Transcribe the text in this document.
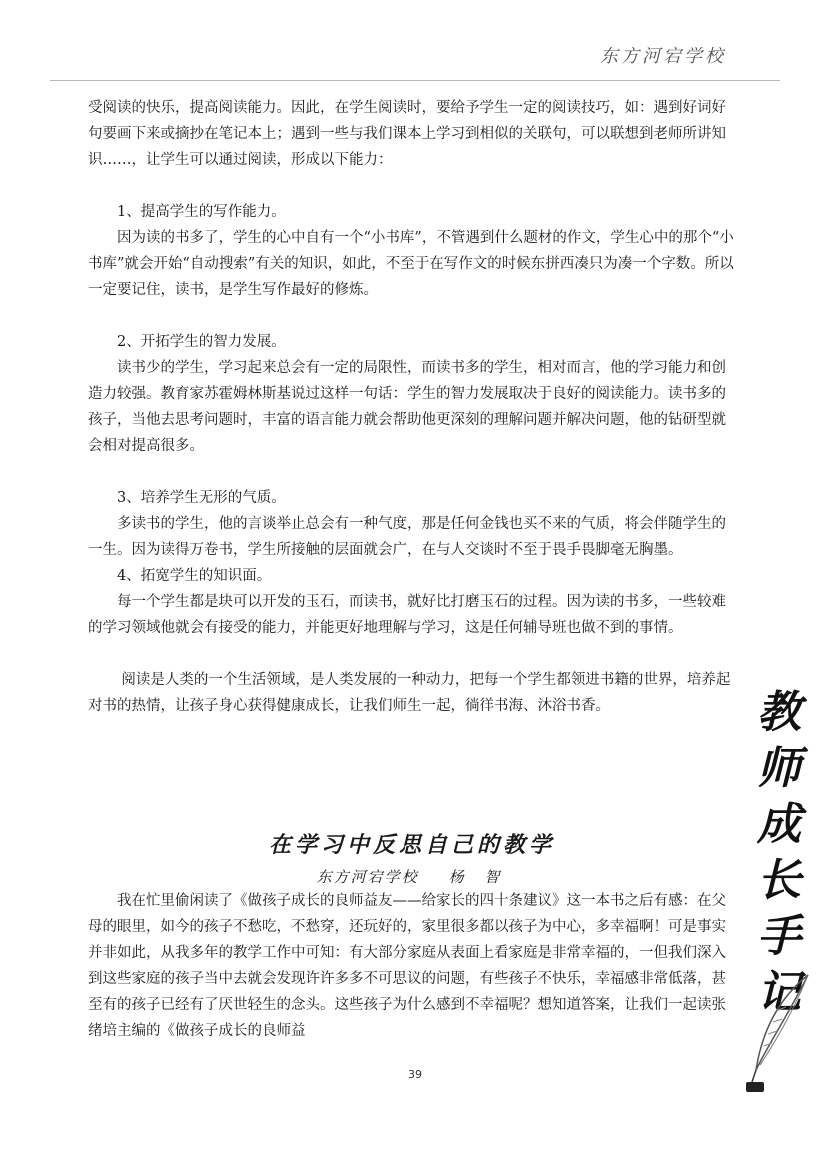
东方河宕学校

受阅读的快乐，提高阅读能力。因此，在学生阅读时，要给予学生一定的阅读技巧，如：遇到好词好句要画下来或摘抄在笔记本上；遇到一些与我们课本上学习到相似的关联句，可以联想到老师所讲知识……，让学生可以通过阅读，形成以下能力：

1、提高学生的写作能力。

因为读的书多了，学生的心中自有一个“小书库”，不管遇到什么题材的作文，学生心中的那个“小书库”就会开始“自动搜索”有关的知识，如此，不至于在写作文的时候东拼西凑只为凑一个字数。所以一定要记住，读书，是学生写作最好的修炼。

2、开拓学生的智力发展。

读书少的学生，学习起来总会有一定的局限性，而读书多的学生，相对而言，他的学习能力和创造力较强。教育家苏霍姆林斯基说过这样一句话：学生的智力发展取决于良好的阅读能力。读书多的孩子，当他去思考问题时，丰富的语言能力就会帮助他更深刻的理解问题并解决问题，他的钻研型就会相对提高很多。

3、培养学生无形的气质。

多读书的学生，他的言谈举止总会有一种气度，那是任何金钱也买不来的气质，将会伴随学生的一生。因为读得万卷书，学生所接触的层面就会广，在与人交谈时不至于畏手畏脚毫无胸墨。

4、拓宽学生的知识面。

每一个学生都是块可以开发的玉石，而读书，就好比打磨玉石的过程。因为读的书多，一些较难的学习领域他就会有接受的能力，并能更好地理解与学习，这是任何辅导班也做不到的事情。

阅读是人类的一个生活领域，是人类发展的一种动力，把每一个学生都领进书籍的世界，培养起对书的热情，让孩子身心获得健康成长，让我们师生一起，徜徉书海、沐浴书香。	教
师
成
长
手
记
在学习中反思自己的教学
东方河宕学校 杨 智

我在忙里偷闲读了《做孩子成长的良师益友——给家长的四十条建议》这一本书之后有感：在父母的眼里，如今的孩子不愁吃，不愁穿，还玩好的，家里很多都以孩子为中心，多幸福啊！可是事实并非如此，从我多年的教学工作中可知：有大部分家庭从表面上看家庭是非常幸福的，一但我们深入到这些家庭的孩子当中去就会发现许许多多不可思议的问题，有些孩子不快乐，幸福感非常低落，甚至有的孩子已经有了厌世轻生的念头。这些孩子为什么感到不幸福呢？想知道答案，让我们一起读张绪培主编的《做孩子成长的良师益

39
